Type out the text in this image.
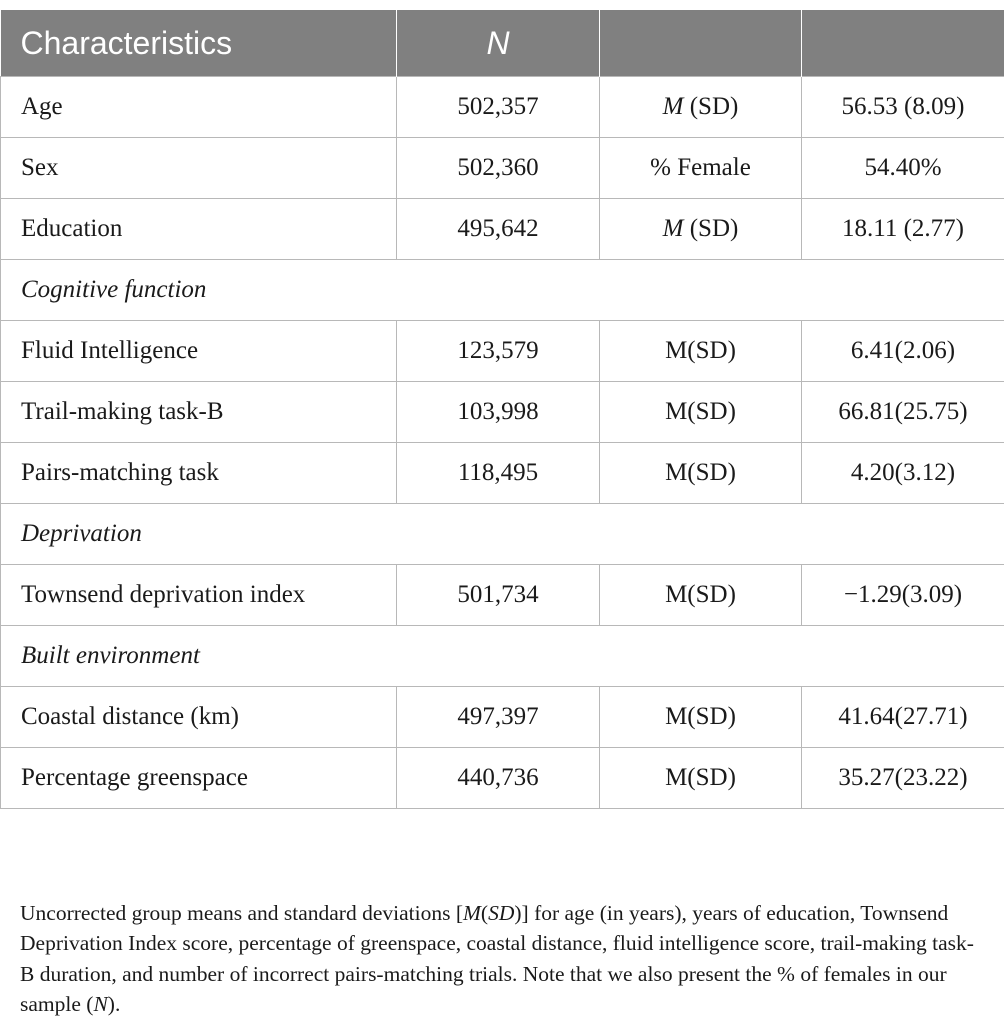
Characteristics	N		
Age	502,357	M (SD)	56.53 (8.09)
Sex	502,360	% Female	54.40%
Education	495,642	M (SD)	18.11 (2.77)
Cognitive function			
Fluid Intelligence	123,579	M(SD)	6.41(2.06)
Trail-making task-B	103,998	M(SD)	66.81(25.75)
Pairs-matching task	118,495	M(SD)	4.20(3.12)
Deprivation			
Townsend deprivation index	501,734	M(SD)	−1.29(3.09)
Built environment			
Coastal distance (km)	497,397	M(SD)	41.64(27.71)
Percentage greenspace	440,736	M(SD)	35.27(23.22)

Uncorrected group means and standard deviations [M(SD)] for age (in years), years of education, Townsend Deprivation Index score, percentage of greenspace, coastal distance, fluid intelligence score, trail-making task-B duration, and number of incorrect pairs-matching trials. Note that we also present the % of females in our sample (N).
